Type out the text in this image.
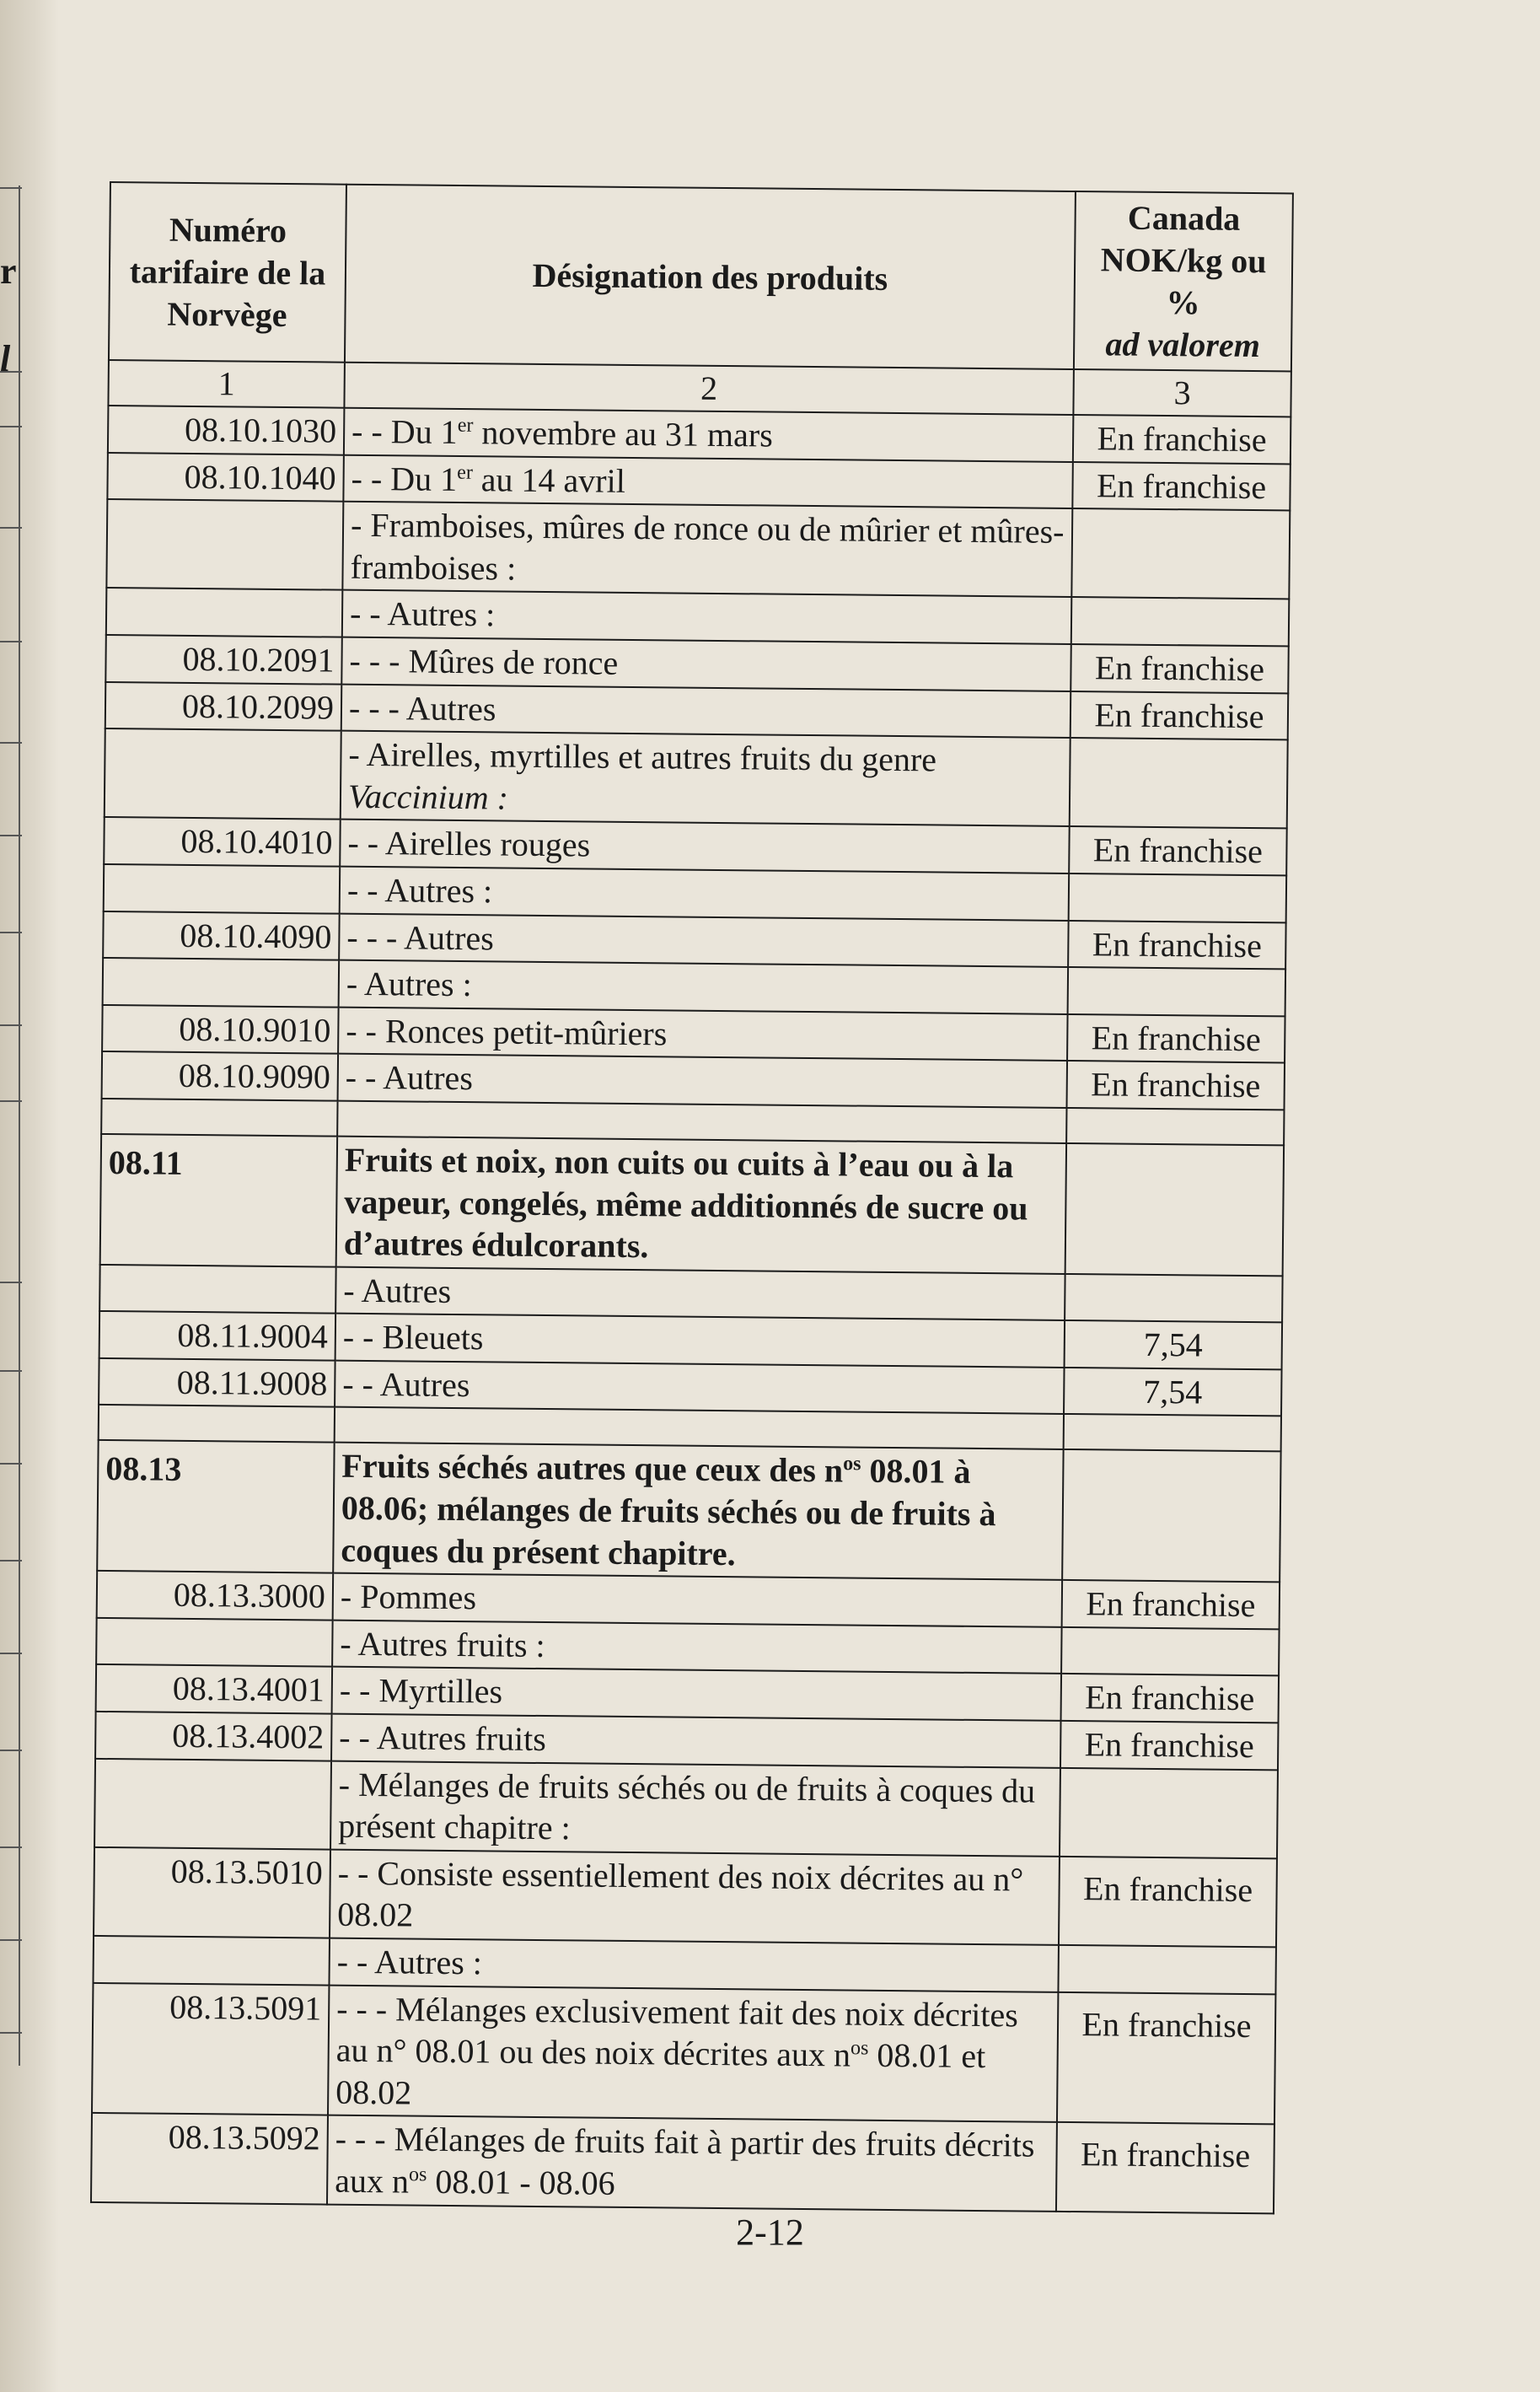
r
l
Numéro
tarifaire de la
Norvège	Désignation des produits	Canada
NOK/kg ou
%
ad valorem
1	2	3
08.10.1030	- - Du 1er novembre au 31 mars	En franchise
08.10.1040	- - Du 1er au 14 avril	En franchise
	- Framboises, mûres de ronce ou de mûrier et mûres-framboises :	
	- - Autres :	
08.10.2091	- - - Mûres de ronce	En franchise
08.10.2099	- - - Autres	En franchise
	- Airelles, myrtilles et autres fruits du genre
Vaccinium :	
08.10.4010	- - Airelles rouges	En franchise
	- - Autres :	
08.10.4090	- - - Autres	En franchise
	- Autres :	
08.10.9010	- - Ronces petit-mûriers	En franchise
08.10.9090	- - Autres	En franchise

08.11	Fruits et noix, non cuits ou cuits à l’eau ou à la vapeur, congelés, même additionnés de sucre ou d’autres édulcorants.	
	- Autres	
08.11.9004	- - Bleuets	7,54
08.11.9008	- - Autres	7,54

08.13	Fruits séchés autres que ceux des $n^{os}$ 08.01 à 08.06; mélanges de fruits séchés ou de fruits à coques du présent chapitre.	
08.13.3000	- Pommes	En franchise
	- Autres fruits :	
08.13.4001	- - Myrtilles	En franchise
08.13.4002	- - Autres fruits	En franchise
	- Mélanges de fruits séchés ou de fruits à coques du présent chapitre :	
08.13.5010	- - Consiste essentiellement des noix décrites au n° 08.02	En franchise
	- - Autres :	
08.13.5091	- - - Mélanges exclusivement fait des noix décrites au n° 08.01 ou des noix décrites aux $n^{os}$ 08.01 et 08.02	En franchise
08.13.5092	- - - Mélanges de fruits fait à partir des fruits décrits aux $n^{os}$ 08.01 - 08.06	En franchise
2-12
